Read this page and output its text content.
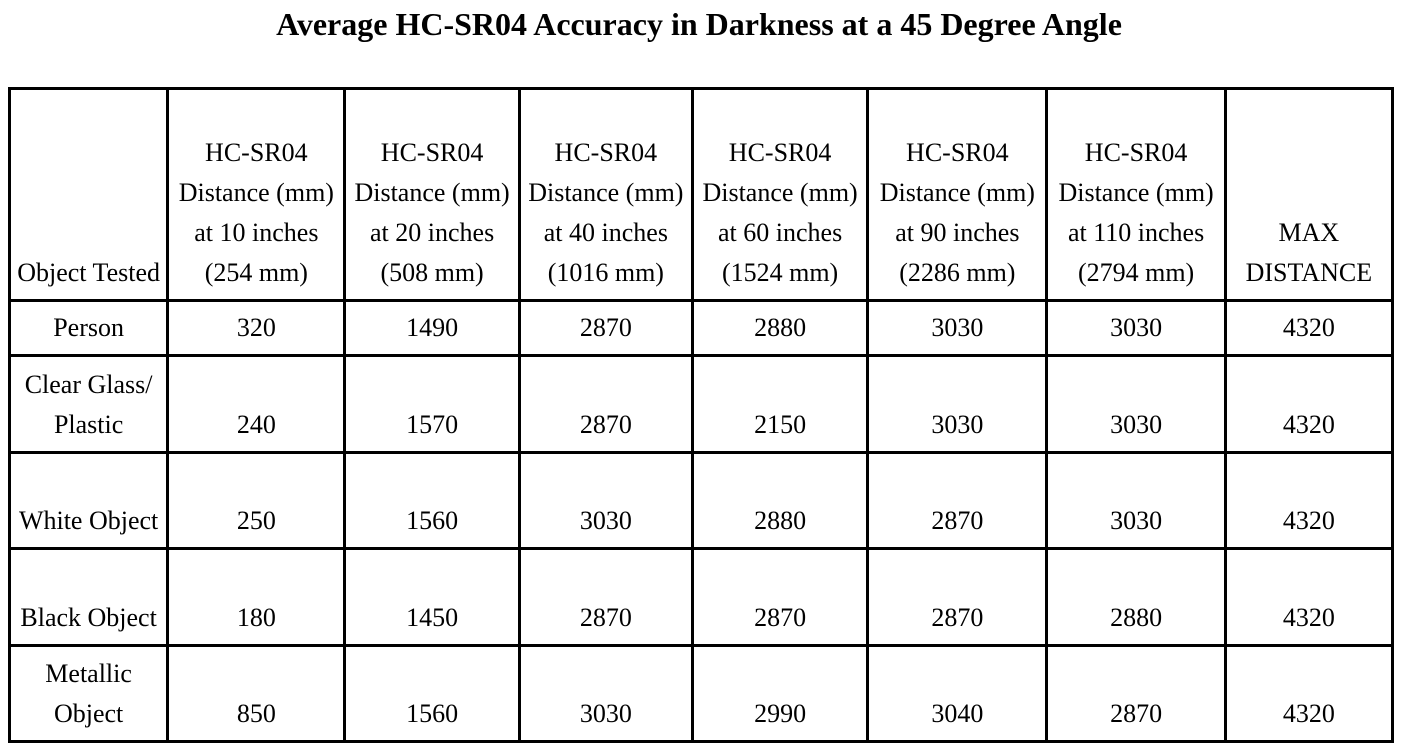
Average HC-SR04 Accuracy in Darkness at a 45 Degree Angle
Object Tested	HC-SR04 Distance (mm) at 10 inches (254 mm)	HC-SR04 Distance (mm) at 20 inches (508 mm)	HC-SR04 Distance (mm) at 40 inches (1016 mm)	HC-SR04 Distance (mm) at 60 inches (1524 mm)	HC-SR04 Distance (mm) at 90 inches (2286 mm)	HC-SR04 Distance (mm) at 110 inches (2794 mm)	MAX DISTANCE
Person	320	1490	2870	2880	3030	3030	4320
Clear Glass/ Plastic	240	1570	2870	2150	3030	3030	4320
White Object	250	1560	3030	2880	2870	3030	4320
Black Object	180	1450	2870	2870	2870	2880	4320
Metallic Object	850	1560	3030	2990	3040	2870	4320
